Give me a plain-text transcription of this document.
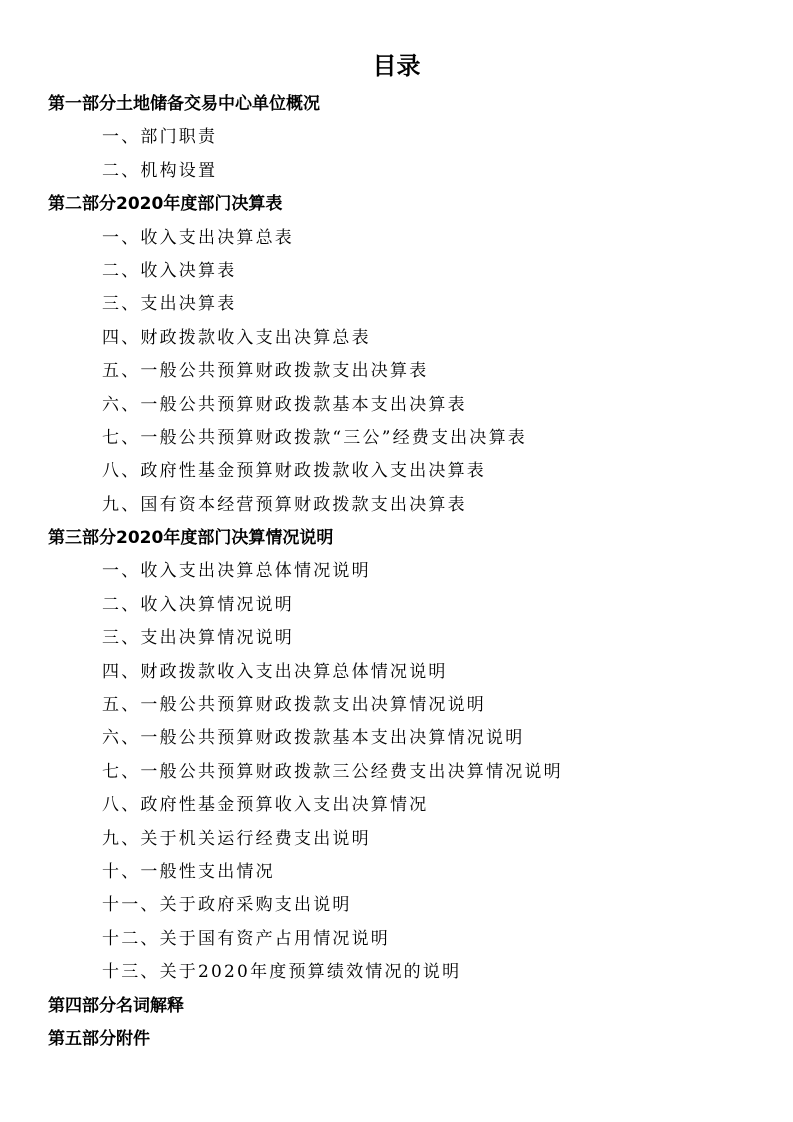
目录
第一部分土地储备交易中心单位概况
一、部门职责
二、机构设置
第二部分2020年度部门决算表
一、收入支出决算总表
二、收入决算表
三、支出决算表
四、财政拨款收入支出决算总表
五、一般公共预算财政拨款支出决算表
六、一般公共预算财政拨款基本支出决算表
七、一般公共预算财政拨款“三公”经费支出决算表
八、政府性基金预算财政拨款收入支出决算表
九、国有资本经营预算财政拨款支出决算表
第三部分2020年度部门决算情况说明
一、收入支出决算总体情况说明
二、收入决算情况说明
三、支出决算情况说明
四、财政拨款收入支出决算总体情况说明
五、一般公共预算财政拨款支出决算情况说明
六、一般公共预算财政拨款基本支出决算情况说明
七、一般公共预算财政拨款三公经费支出决算情况说明
八、政府性基金预算收入支出决算情况
九、关于机关运行经费支出说明
十、一般性支出情况
十一、关于政府采购支出说明
十二、关于国有资产占用情况说明
十三、关于2020年度预算绩效情况的说明
第四部分名词解释
第五部分附件
